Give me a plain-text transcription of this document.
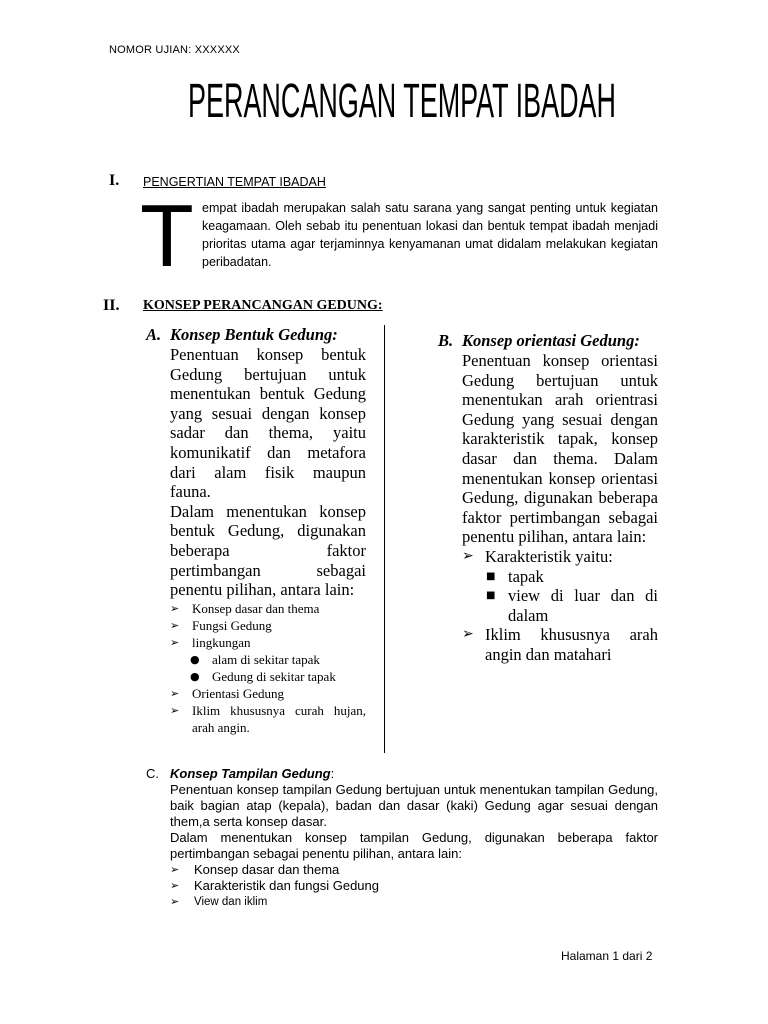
NOMOR UJIAN: XXXXXX
PERANCANGAN TEMPAT IBADAH
I. PENGERTIAN TEMPAT IBADAH
T empat ibadah merupakan salah satu sarana yang sangat penting untuk kegiatan keagamaan. Oleh sebab itu penentuan lokasi dan bentuk tempat ibadah menjadi prioritas utama agar terjaminnya kenyamanan umat didalam melakukan kegiatan peribadatan.
II. KONSEP PERANCANGAN GEDUNG:
A. Konsep Bentuk Gedung:
Penentuan konsep bentuk Gedung bertujuan untuk menentukan bentuk Gedung yang sesuai dengan konsep sadar dan thema, yaitu komunikatif dan metafora dari alam fisik maupun fauna.
Dalam menentukan konsep bentuk Gedung, digunakan beberapa faktor pertimbangan sebagai penentu pilihan, antara lain:
➢ Konsep dasar dan thema
➢ Fungsi Gedung
➢ lingkungan
● alam di sekitar tapak
● Gedung di sekitar tapak
➢ Orientasi Gedung
➢ Iklim khususnya curah hujan, arah angin.
B. Konsep orientasi Gedung:
Penentuan konsep orientasi Gedung bertujuan untuk menentukan arah orientrasi Gedung yang sesuai dengan karakteristik tapak, konsep dasar dan thema. Dalam menentukan konsep orientasi Gedung, digunakan beberapa faktor pertimbangan sebagai penentu pilihan, antara lain:
➢ Karakteristik yaitu:
■ tapak
■ view di luar dan di dalam
➢ Iklim khususnya arah angin dan matahari
C. Konsep Tampilan Gedung :
Penentuan konsep tampilan Gedung bertujuan untuk menentukan tampilan Gedung, baik bagian atap (kepala), badan dan dasar (kaki) Gedung agar sesuai dengan them,a serta konsep dasar.
Dalam menentukan konsep tampilan Gedung, digunakan beberapa faktor pertimbangan sebagai penentu pilihan, antara lain:
➢	Konsep dasar dan thema
➢	Karakteristik dan fungsi Gedung
➢	View dan iklim
Halaman 1 dari 2
